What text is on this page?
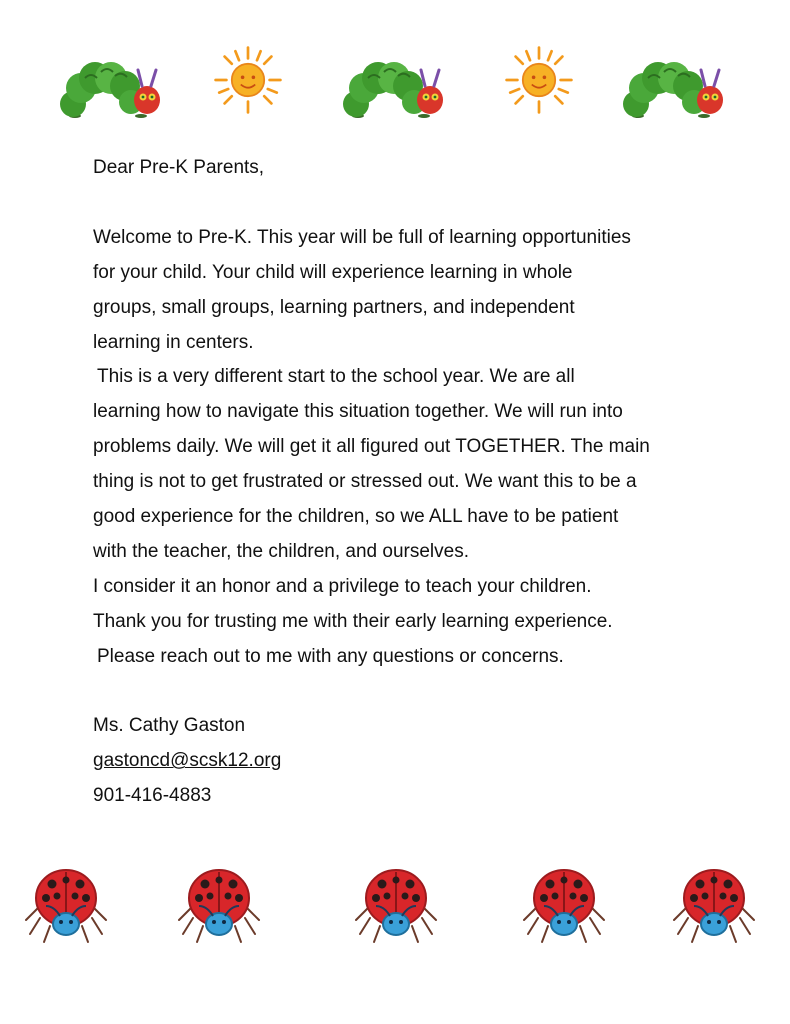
Dear Pre-K Parents,

Welcome to Pre-K. This year will be full of learning opportunities

for your child. Your child will experience learning in whole

groups, small groups, learning partners, and independent

learning in centers.

This is a very different start to the school year. We are all

learning how to navigate this situation together. We will run into

problems daily. We will get it all figured out TOGETHER. The main

thing is not to get frustrated or stressed out. We want this to be a

good experience for the children, so we ALL have to be patient

with the teacher, the children, and ourselves.

I consider it an honor and a privilege to teach your children.

Thank you for trusting me with their early learning experience.

Please reach out to me with any questions or concerns.

Ms. Cathy Gaston

gastoncd@scsk12.org

901-416-4883
